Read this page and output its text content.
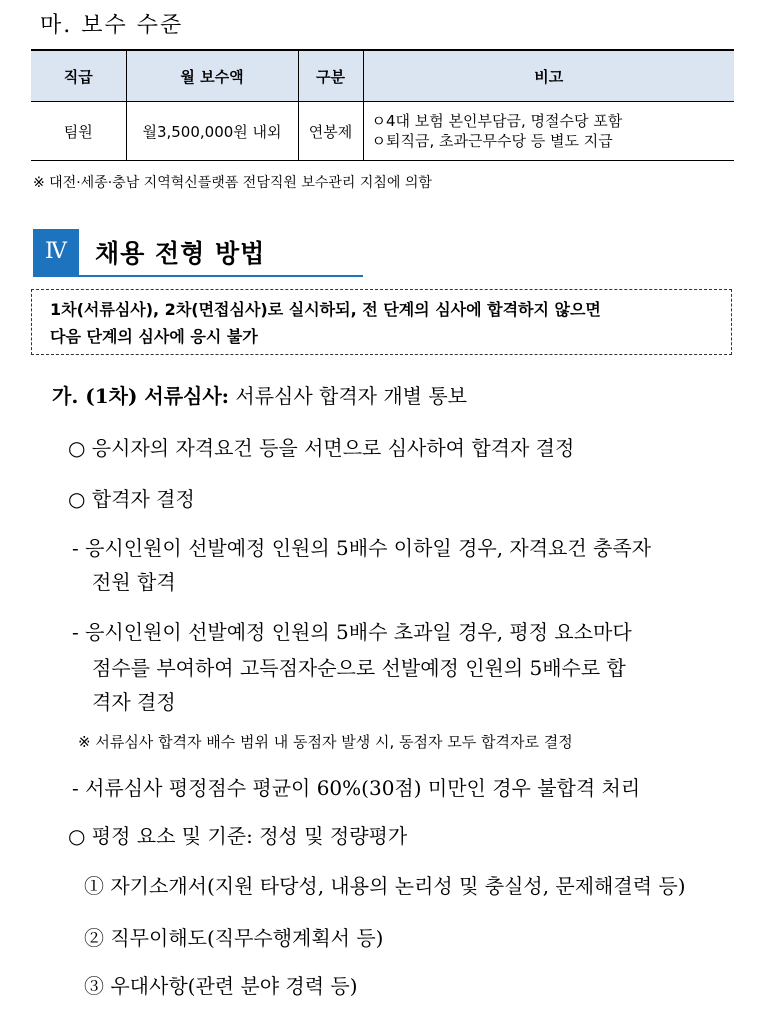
마. 보수 수준
직급	월 보수액	구분	비고
팀원	월3,500,000원 내외	연봉제	ㅇ4대 보험 본인부담금, 명절수당 포함
ㅇ퇴직금, 초과근무수당 등 별도 지급
※ 대전·세종·충남 지역혁신플랫폼 전담직원 보수관리 지침에 의함
Ⅳ	채용 전형 방법
1차(서류심사), 2차(면접심사)로 실시하되, 전 단계의 심사에 합격하지 않으면
다음 단계의 심사에 응시 불가
가. (1차) 서류심사: 서류심사 합격자 개별 통보
○ 응시자의 자격요건 등을 서면으로 심사하여 합격자 결정
○ 합격자 결정
- 응시인원이 선발예정 인원의 5배수 이하일 경우, 자격요건 충족자
전원 합격
- 응시인원이 선발예정 인원의 5배수 초과일 경우, 평정 요소마다
점수를 부여하여 고득점자순으로 선발예정 인원의 5배수로 합
격자 결정
※ 서류심사 합격자 배수 범위 내 동점자 발생 시, 동점자 모두 합격자로 결정
- 서류심사 평정점수 평균이 60%(30점) 미만인 경우 불합격 처리
○ 평정 요소 및 기준: 정성 및 정량평가
① 자기소개서(지원 타당성, 내용의 논리성 및 충실성, 문제해결력 등)
② 직무이해도(직무수행계획서 등)
③ 우대사항(관련 분야 경력 등)
